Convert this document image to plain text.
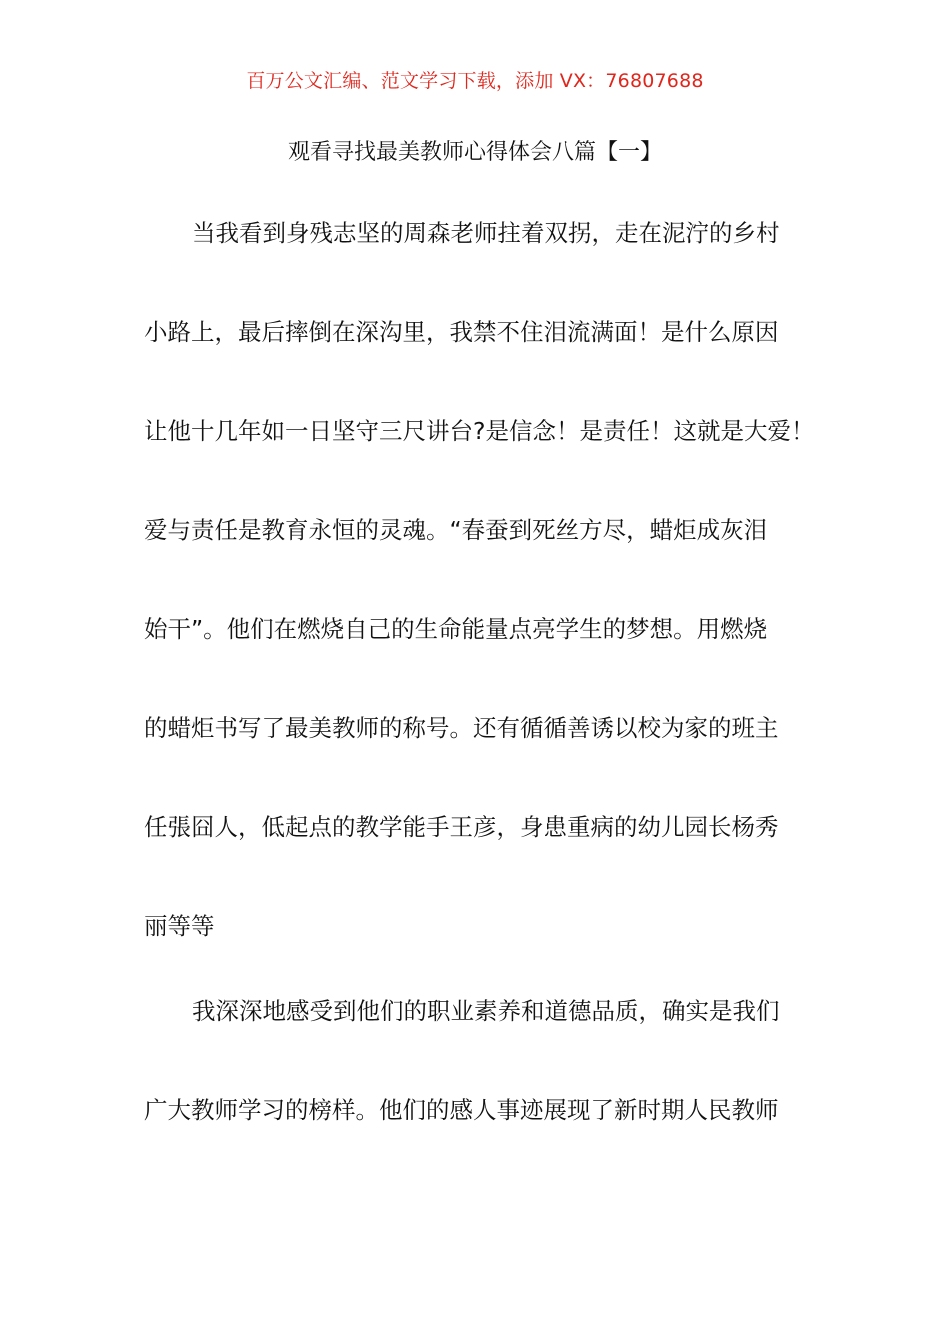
百万公文汇编、范文学习下载，添加 VX：76807688
观看寻找最美教师心得体会八篇【一】
当我看到身残志坚的周森老师拄着双拐，走在泥泞的乡村
小路上，最后摔倒在深沟里，我禁不住泪流满面！是什么原因
让他十几年如一日坚守三尺讲台?是信念！是责任！这就是大爱！
爱与责任是教育永恒的灵魂。“春蚕到死丝方尽，蜡炬成灰泪
始干”。他们在燃烧自己的生命能量点亮学生的梦想。用燃烧
的蜡炬书写了最美教师的称号。还有循循善诱以校为家的班主
任張囧人，低起点的教学能手王彦，身患重病的幼儿园长杨秀
丽等等
我深深地感受到他们的职业素养和道德品质，确实是我们
广大教师学习的榜样。他们的感人事迹展现了新时期人民教师
